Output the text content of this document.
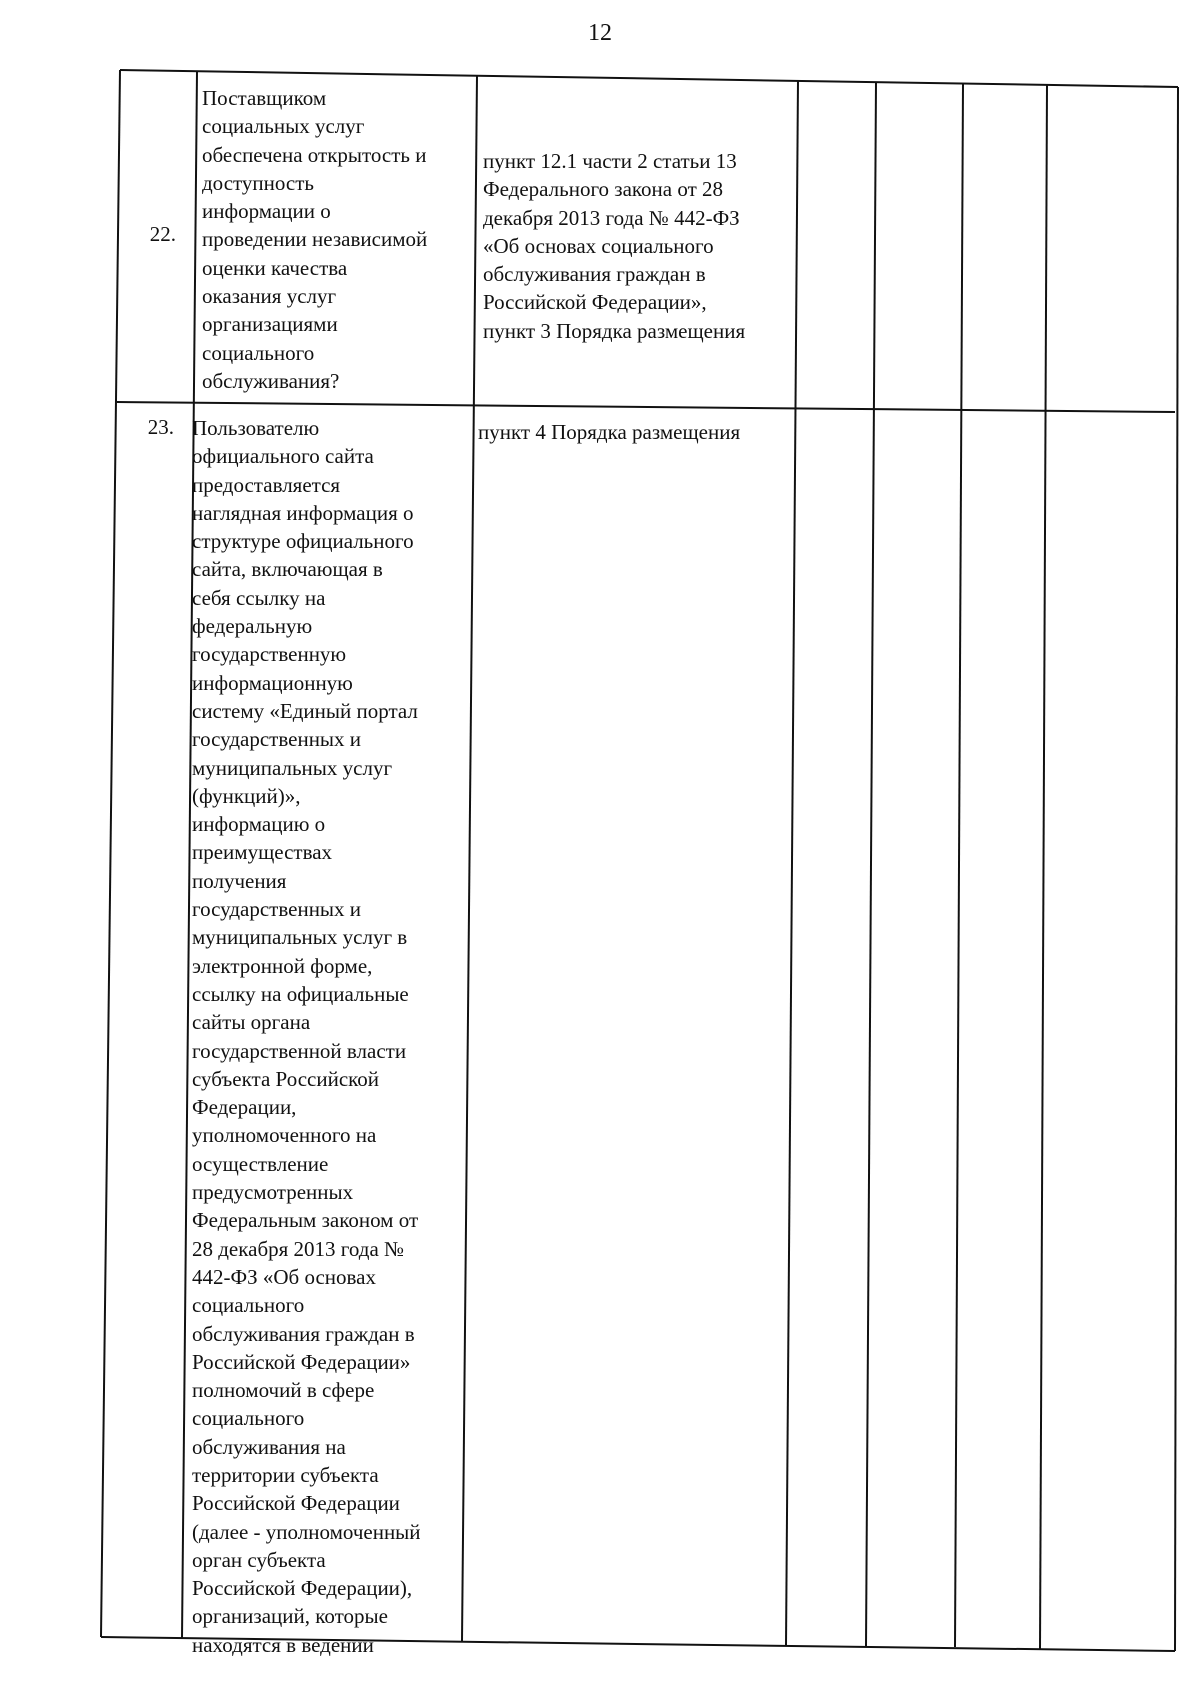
12
22.
Поставщиком
социальных услуг
обеспечена открытость и
доступность
информации о
проведении независимой
оценки качества
оказания услуг
организациями
социального
обслуживания?
пункт 12.1 части 2 статьи 13
Федерального закона от 28
декабря 2013 года № 442-ФЗ
«Об основах социального
обслуживания граждан в
Российской Федерации»,
пункт 3 Порядка размещения
23. Пользователю
официального сайта
предоставляется
наглядная информация о
структуре официального
сайта, включающая в
себя ссылку на
федеральную
государственную
информационную
систему «Единый портал
государственных и
муниципальных услуг
(функций)»,
информацию о
преимуществах
получения
государственных и
муниципальных услуг в
электронной форме,
ссылку на официальные
сайты органа
государственной власти
субъекта Российской
Федерации,
уполномоченного на
осуществление
предусмотренных
Федеральным законом от
28 декабря 2013 года №
442-ФЗ «Об основах
социального
обслуживания граждан в
Российской Федерации»
полномочий в сфере
социального
обслуживания на
территории субъекта
Российской Федерации
(далее - уполномоченный
орган субъекта
Российской Федерации),
организаций, которые
находятся в ведении
пункт 4 Порядка размещения
